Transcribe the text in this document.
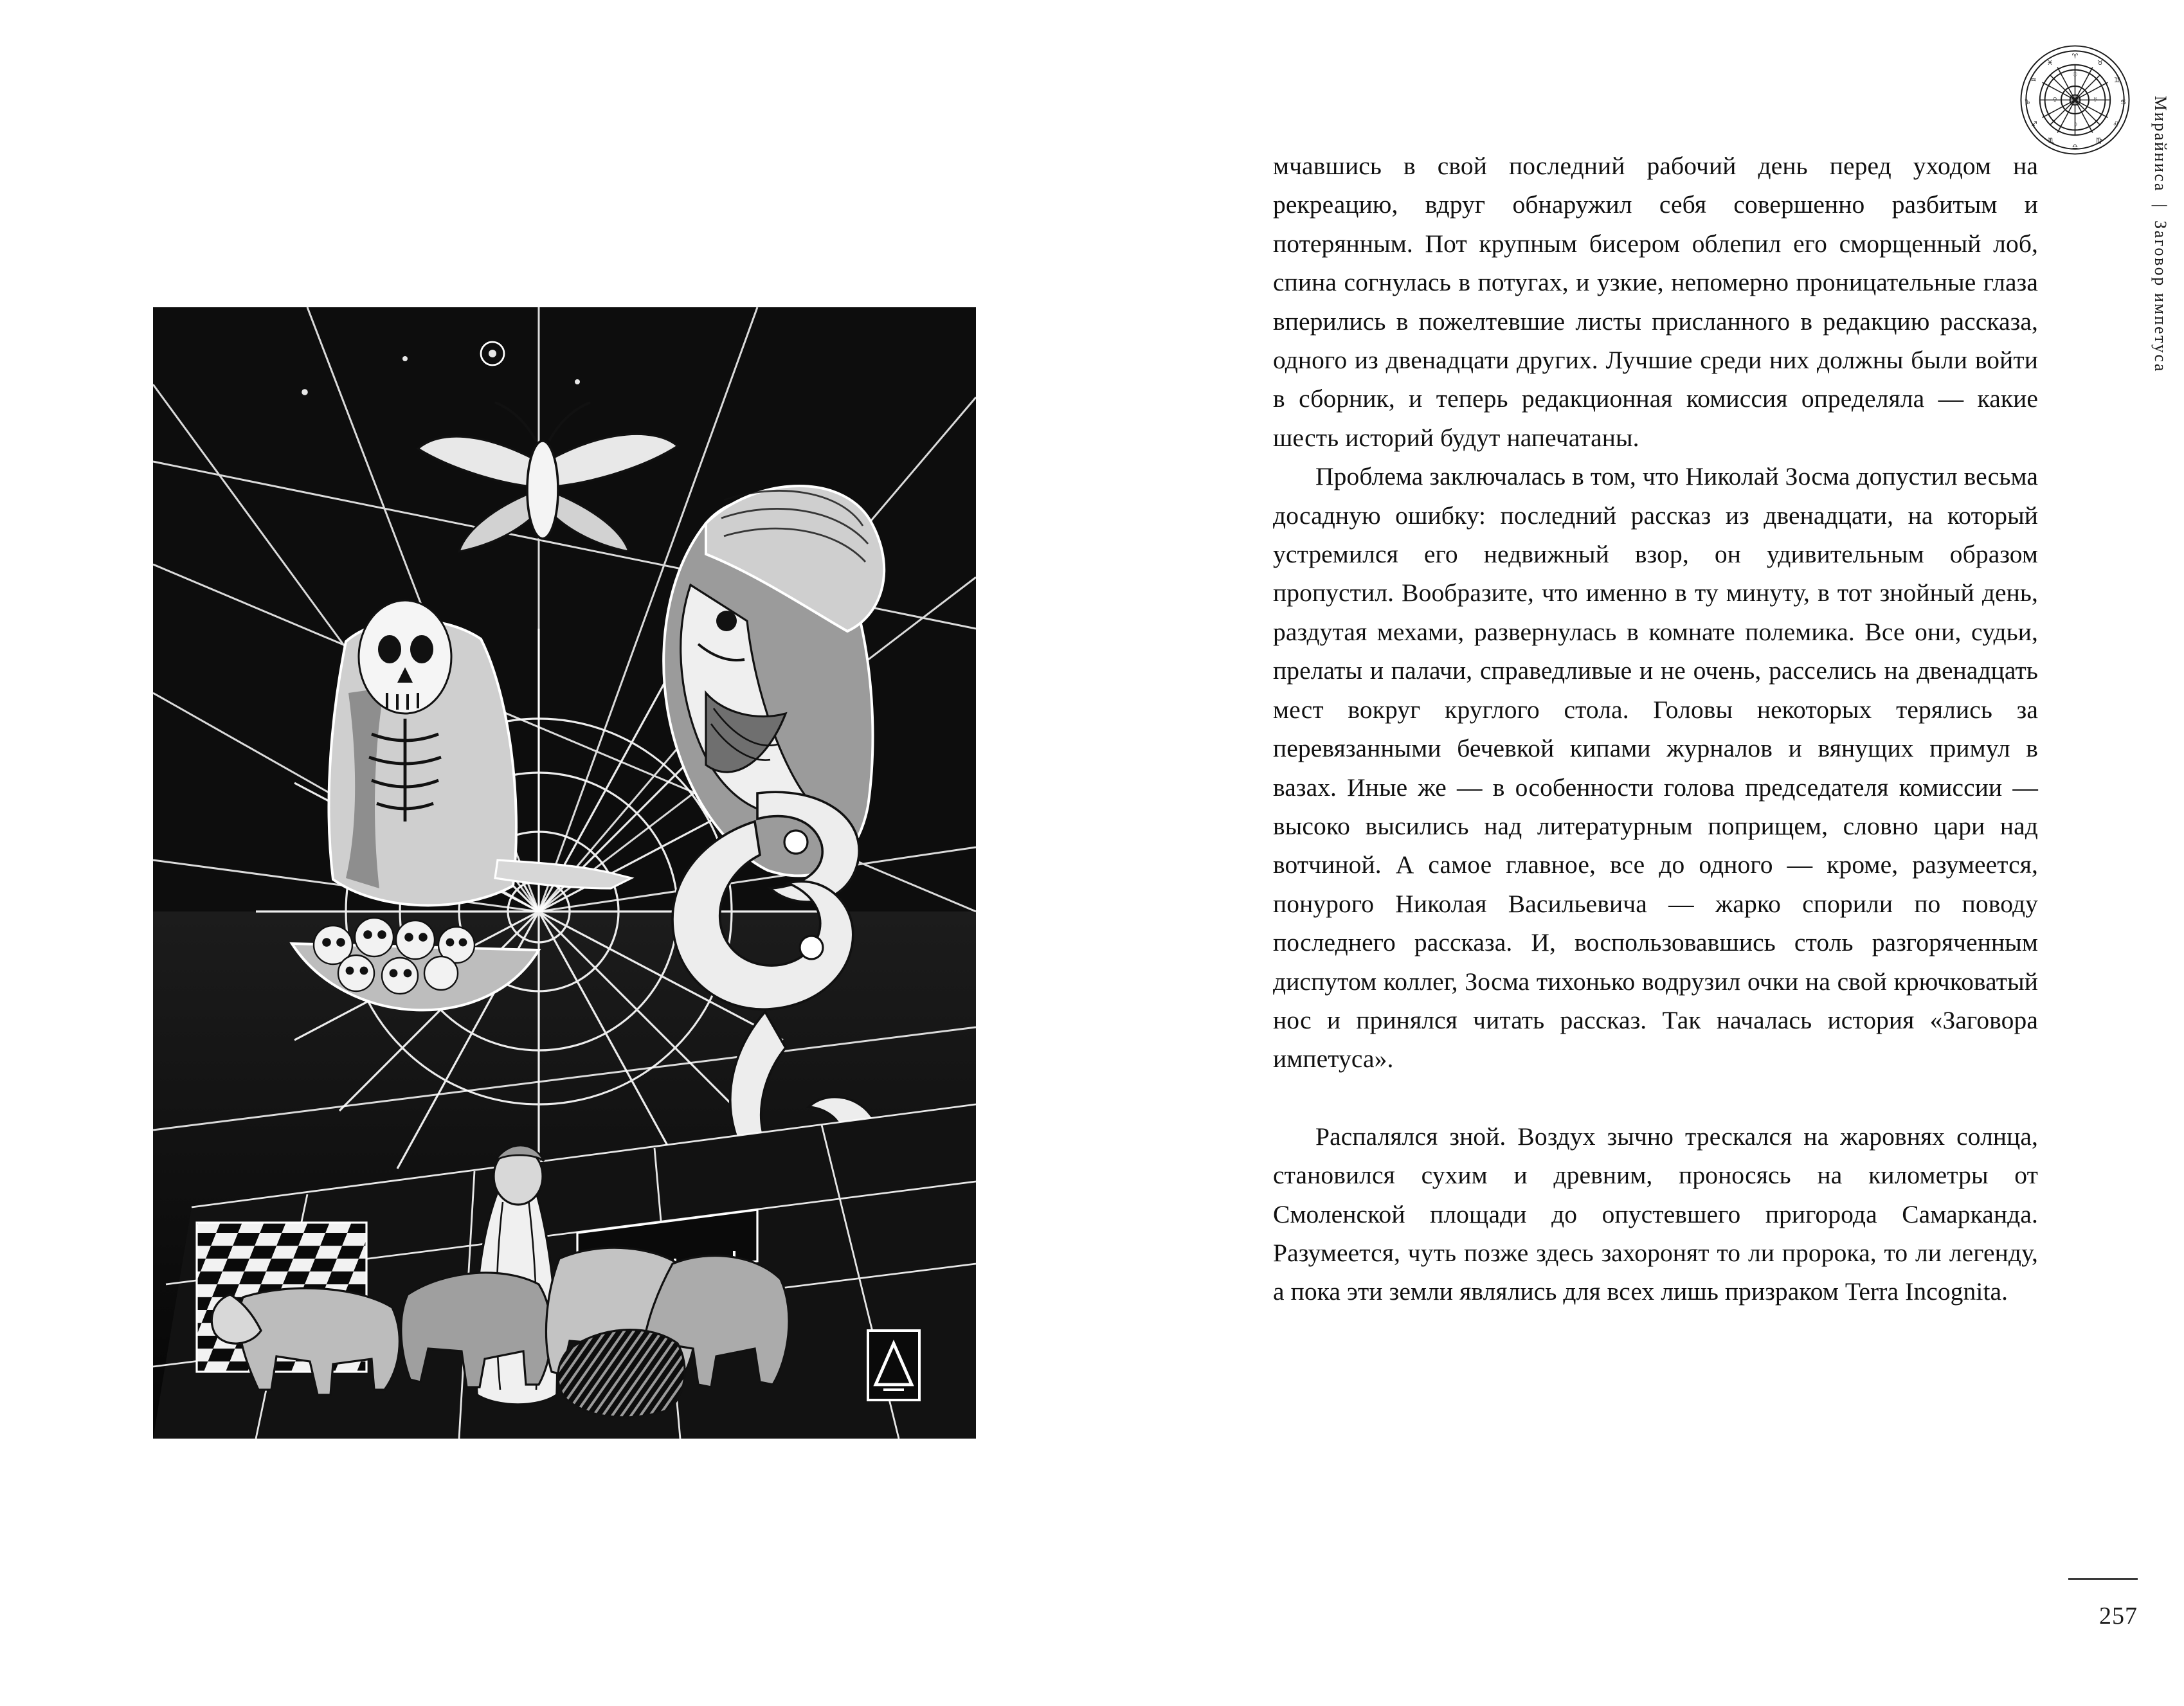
♈
♉
♊
♋
♌
♍
♎
♏
♐
♑
♒
♓
☉
☿
☽
♀	Мирайниса|Заговор импетуса

мчавшись в свой последний рабочий день перед уходом на рекреацию, вдруг обнаружил себя совершенно разбитым и потерянным. Пот крупным бисером облепил его сморщенный лоб, спина согнулась в потугах, и узкие, непомерно проницательные глаза вперились в пожелтевшие листы присланного в редакцию рассказа, одного из двенадцати других. Лучшие среди них должны были войти в сборник, и теперь редакционная комиссия определяла — какие шесть историй будут напечатаны.

Проблема заключалась в том, что Николай Зосма допустил весьма досадную ошибку: последний рассказ из двенадцати, на который устремился его недвижный взор, он удивительным образом пропустил. Вообразите, что именно в ту минуту, в тот знойный день, раздутая мехами, развернулась в комнате полемика. Все они, судьи, прелаты и палачи, справедливые и не очень, расселись на двенадцать мест вокруг круглого стола. Головы некоторых терялись за перевязанными бечевкой кипами журналов и вянущих примул в вазах. Иные же — в особенности голова председателя комиссии — высоко высились над литературным поприщем, словно цари над вотчиной. А самое главное, все до одного — кроме, разумеется, понурого Николая Васильевича — жарко спорили по поводу последнего рассказа. И, воспользовавшись столь разгоряченным диспутом коллег, Зосма тихонько водрузил очки на свой крючковатый нос и принялся читать рассказ. Так началась история «Заговора импетуса».

Распалялся зной. Воздух зычно трескался на жаровнях солнца, становился сухим и древним, проносясь на километры от Смоленской площади до опустевшего пригорода Самарканда. Разумеется, чуть позже здесь захоронят то ли пророка, то ли легенду, а пока эти земли являлись для всех лишь призраком Terra Incognita.

257
